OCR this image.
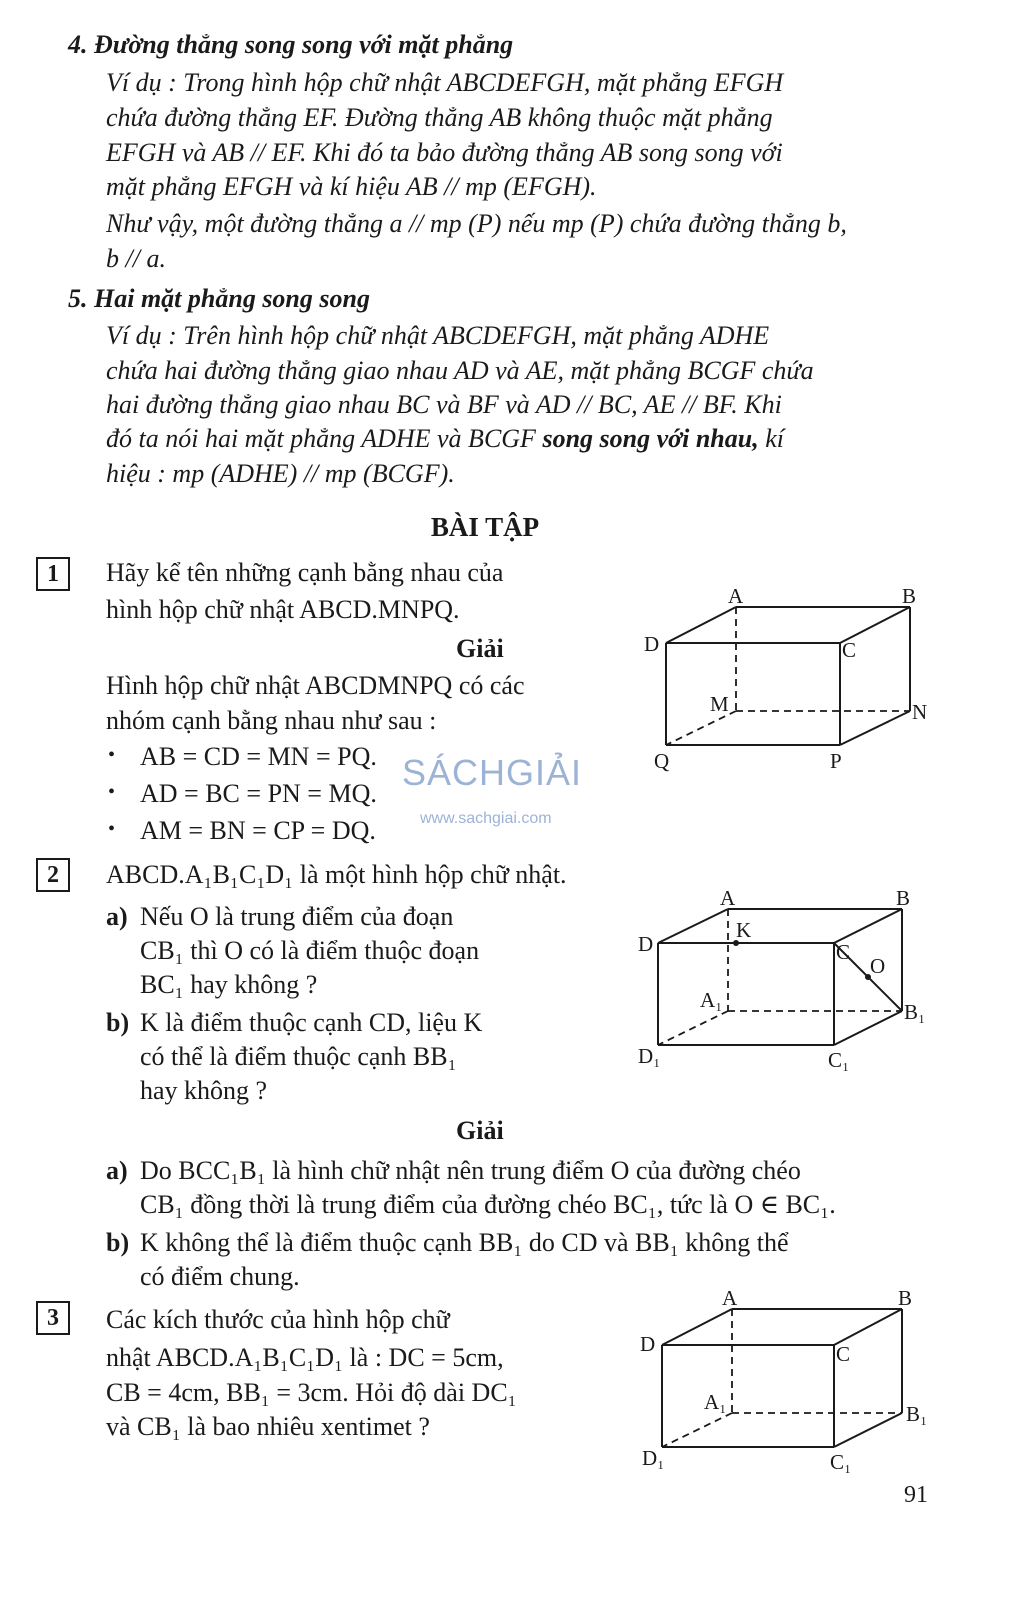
4. Đường thẳng song song với mặt phẳng
Ví dụ : Trong hình hộp chữ nhật ABCDEFGH, mặt phẳng EFGH
chứa đường thẳng EF. Đường thẳng AB không thuộc mặt phẳng
EFGH và AB // EF. Khi đó ta bảo đường thẳng AB song song với
mặt phẳng EFGH và kí hiệu AB // mp (EFGH).
Như vậy, một đường thẳng a // mp (P) nếu mp (P) chứa đường thẳng b,
b // a.
5. Hai mặt phẳng song song
Ví dụ : Trên hình hộp chữ nhật ABCDEFGH, mặt phẳng ADHE
chứa hai đường thẳng giao nhau AD và AE, mặt phẳng BCGF chứa
hai đường thẳng giao nhau BC và BF và AD // BC, AE // BF. Khi
đó ta nói hai mặt phẳng ADHE và BCGF song song với nhau, kí
hiệu : mp (ADHE) // mp (BCGF).
BÀI TẬP
1	Hãy kể tên những cạnh bằng nhau của
hình hộp chữ nhật ABCD.MNPQ.
Giải
Hình hộp chữ nhật ABCDMNPQ có các
nhóm cạnh bằng nhau như sau :
• AB = CD = MN = PQ.
• AD = BC = PN = MQ.
• AM = BN = CP = DQ.
SÁCHGIẢI
www.sachgiai.com
A	B
C
D
M	N
P
Q
2	ABCD.A₁B₁C₁D₁ là một hình hộp chữ nhật.
a) Nếu O là trung điểm của đoạn
CB₁ thì O có là điểm thuộc đoạn
BC₁ hay không ?
b) K là điểm thuộc cạnh CD, liệu K
có thể là điểm thuộc cạnh BB₁
hay không ?
Giải
a) Do BCC₁B₁ là hình chữ nhật nên trung điểm O của đường chéo
CB₁ đồng thời là trung điểm của đường chéo BC₁, tức là O ∈ BC₁.
b) K không thể là điểm thuộc cạnh BB₁ do CD và BB₁ không thể
có điểm chung.
A	B
C
D
K
O
A₁	B₁
C₁
D₁
3	Các kích thước của hình hộp chữ
nhật ABCD.A₁B₁C₁D₁ là : DC = 5cm,
CB = 4cm, BB₁ = 3cm. Hỏi độ dài DC₁
và CB₁ là bao nhiêu xentimet ?
A	B
C
D
A₁	B₁
C₁
D₁
91
